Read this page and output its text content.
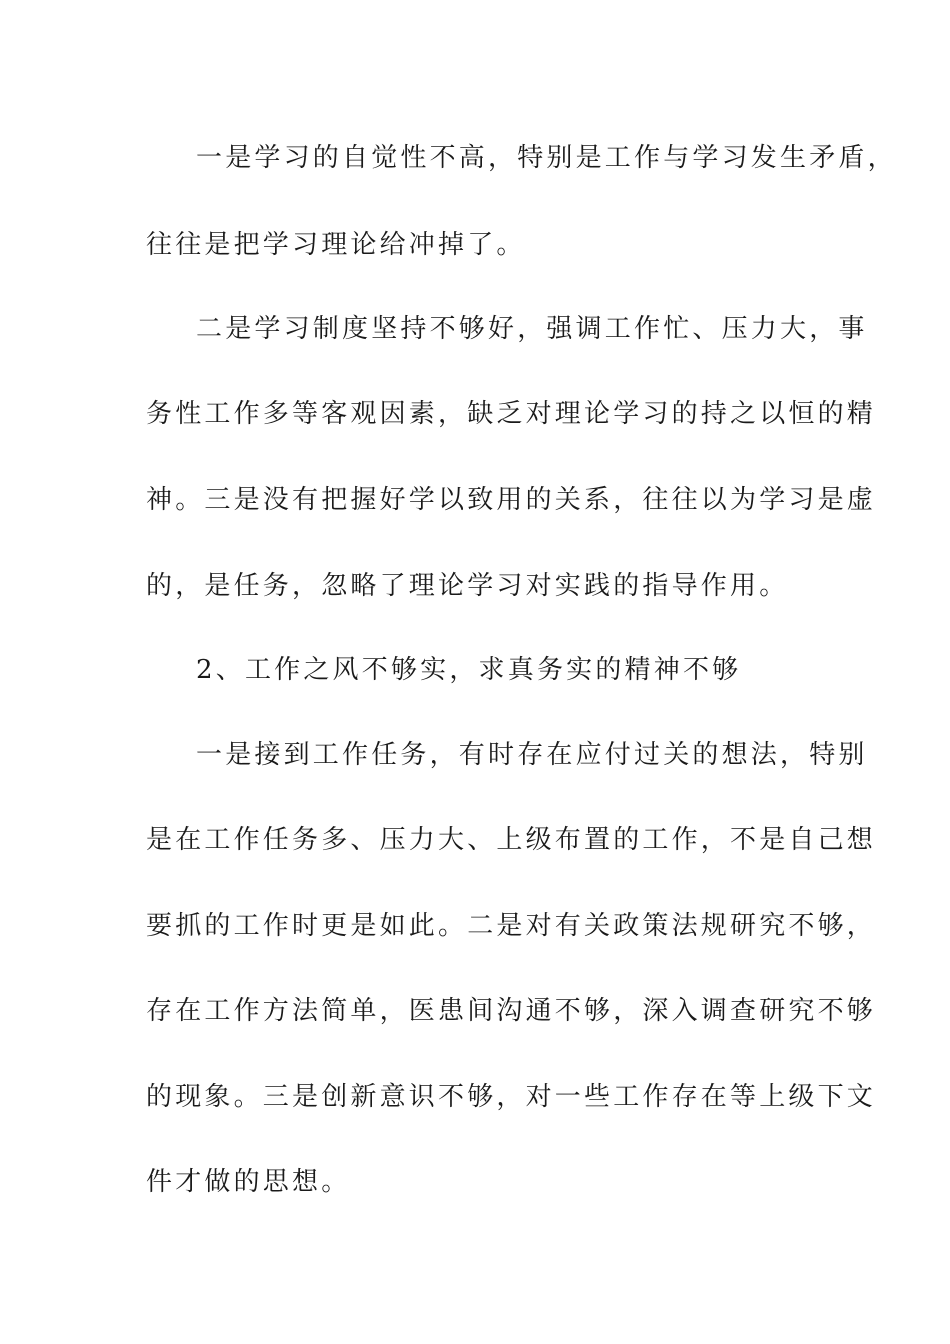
一是学习的自觉性不高，特别是工作与学习发生矛盾，
往往是把学习理论给冲掉了。
二是学习制度坚持不够好，强调工作忙、压力大，事
务性工作多等客观因素，缺乏对理论学习的持之以恒的精
神。三是没有把握好学以致用的关系，往往以为学习是虚
的，是任务，忽略了理论学习对实践的指导作用。
2、工作之风不够实，求真务实的精神不够
一是接到工作任务，有时存在应付过关的想法，特别
是在工作任务多、压力大、上级布置的工作，不是自己想
要抓的工作时更是如此。二是对有关政策法规研究不够，
存在工作方法简单，医患间沟通不够，深入调查研究不够
的现象。三是创新意识不够，对一些工作存在等上级下文
件才做的思想。
